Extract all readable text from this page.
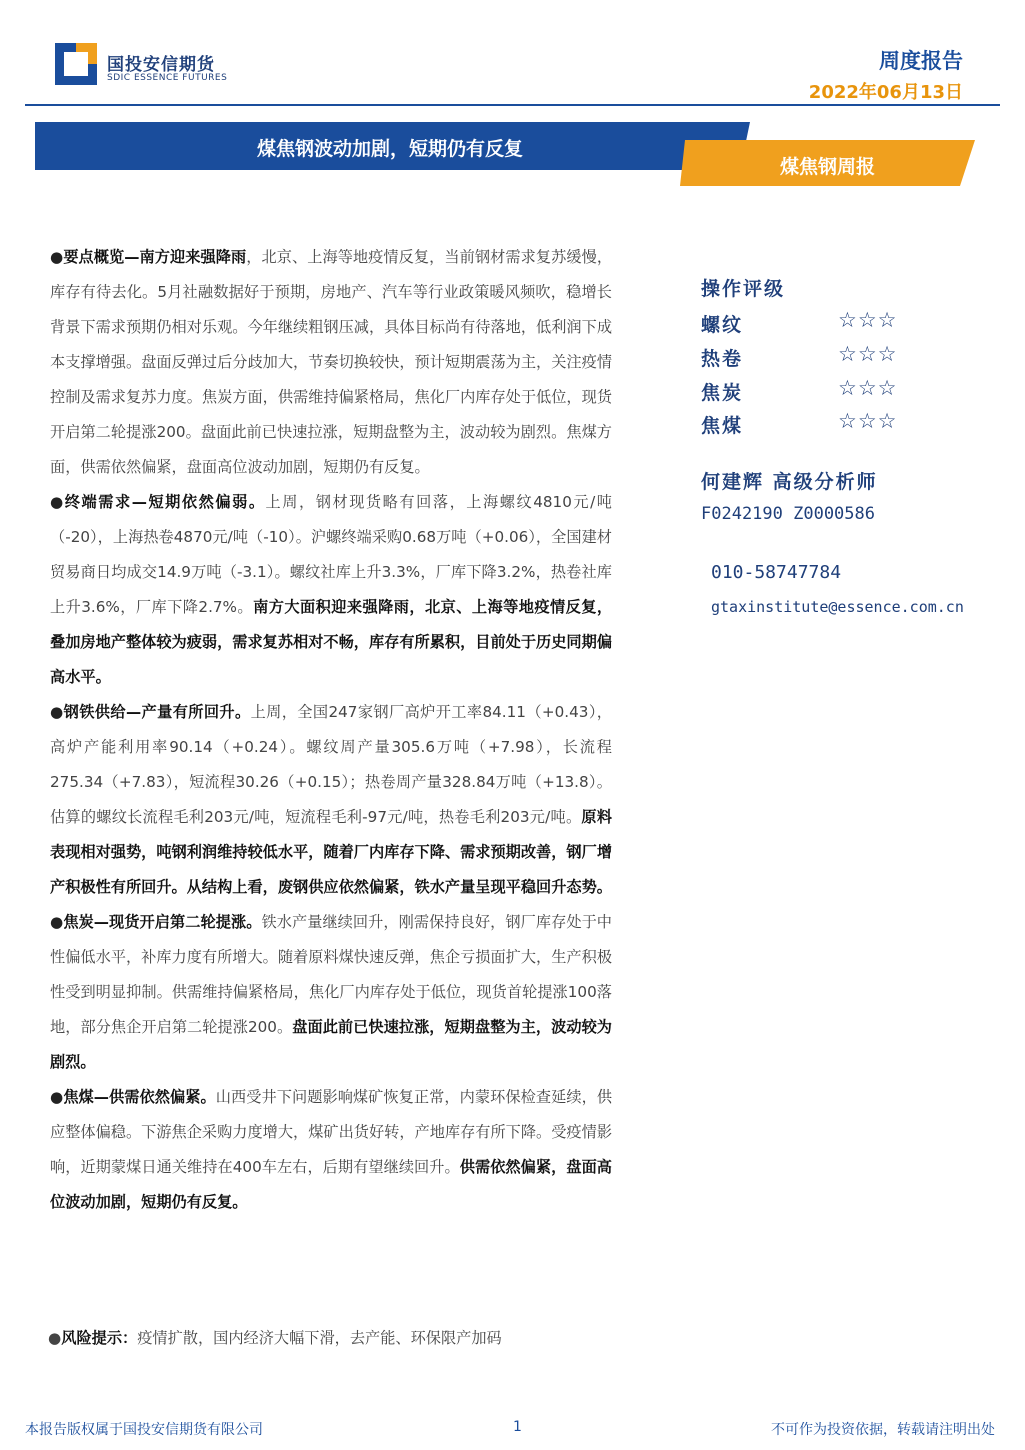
国投安信期货
SDIC ESSENCE FUTURES
周度报告
2022年06月13日
煤焦钢波动加剧，短期仍有反复
煤焦钢周报

●要点概览—南方迎来强降雨，北京、上海等地疫情反复，当前钢材需求复苏缓慢，库存有待去化。5月社融数据好于预期，房地产、汽车等行业政策暖风频吹，稳增长背景下需求预期仍相对乐观。今年继续粗钢压减，具体目标尚有待落地，低利润下成本支撑增强。盘面反弹过后分歧加大，节奏切换较快，预计短期震荡为主，关注疫情控制及需求复苏力度。焦炭方面，供需维持偏紧格局，焦化厂内库存处于低位，现货开启第二轮提涨200。盘面此前已快速拉涨，短期盘整为主，波动较为剧烈。焦煤方面，供需依然偏紧，盘面高位波动加剧，短期仍有反复。

●终端需求—短期依然偏弱。上周，钢材现货略有回落，上海螺纹4810元/吨（-20），上海热卷4870元/吨（-10）。沪螺终端采购0.68万吨（+0.06），全国建材贸易商日均成交14.9万吨（-3.1）。螺纹社库上升3.3%，厂库下降3.2%，热卷社库上升3.6%，厂库下降2.7%。南方大面积迎来强降雨，北京、上海等地疫情反复，叠加房地产整体较为疲弱，需求复苏相对不畅，库存有所累积，目前处于历史同期偏高水平。

●钢铁供给—产量有所回升。上周，全国247家钢厂高炉开工率84.11（+0.43），高炉产能利用率90.14（+0.24）。螺纹周产量305.6万吨（+7.98），长流程275.34（+7.83），短流程30.26（+0.15）；热卷周产量328.84万吨（+13.8）。估算的螺纹长流程毛利203元/吨，短流程毛利-97元/吨，热卷毛利203元/吨。原料表现相对强势，吨钢利润维持较低水平，随着厂内库存下降、需求预期改善，钢厂增产积极性有所回升。从结构上看，废钢供应依然偏紧，铁水产量呈现平稳回升态势。

●焦炭—现货开启第二轮提涨。铁水产量继续回升，刚需保持良好，钢厂库存处于中性偏低水平，补库力度有所增大。随着原料煤快速反弹，焦企亏损面扩大，生产积极性受到明显抑制。供需维持偏紧格局，焦化厂内库存处于低位，现货首轮提涨100落地，部分焦企开启第二轮提涨200。盘面此前已快速拉涨，短期盘整为主，波动较为剧烈。

●焦煤—供需依然偏紧。山西受井下问题影响煤矿恢复正常，内蒙环保检查延续，供应整体偏稳。下游焦企采购力度增大，煤矿出货好转，产地库存有所下降。受疫情影响，近期蒙煤日通关维持在400车左右，后期有望继续回升。供需依然偏紧，盘面高位波动加剧，短期仍有反复。

●风险提示：疫情扩散，国内经济大幅下滑，去产能、环保限产加码
操作评级
螺纹	☆☆☆
热卷	☆☆☆
焦炭	☆☆☆
焦煤	☆☆☆
何建辉 高级分析师
F0242190 Z0000586
010-58747784
gtaxinstitute@essence.com.cn
本报告版权属于国投安信期货有限公司	1	不可作为投资依据，转载请注明出处
